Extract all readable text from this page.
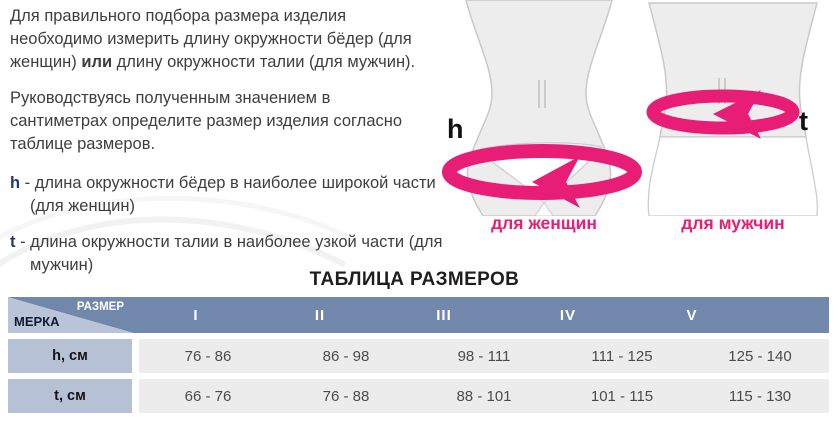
Для правильного подбора размера изделия необходимо измерить длину окружности бёдер (для женщин) или длину окружности талии (для мужчин).

Руководствуясь полученным значением в сантиметрах определите размер изделия согласно таблице размеров.

h - длина окружности бёдер в наиболее широкой части (для женщин)

t - длина окружности талии в наиболее узкой части (для мужчин)

h
для женщин
t
для мужчин
ТАБЛИЦА РАЗМЕРОВ
РАЗМЕР
МЕРКА	I	II	III	IV	V
h, см	76 - 86	86 - 98	98 - 111	111 - 125	125 - 140
t, см	66 - 76	76 - 88	88 - 101	101 - 115	115 - 130
